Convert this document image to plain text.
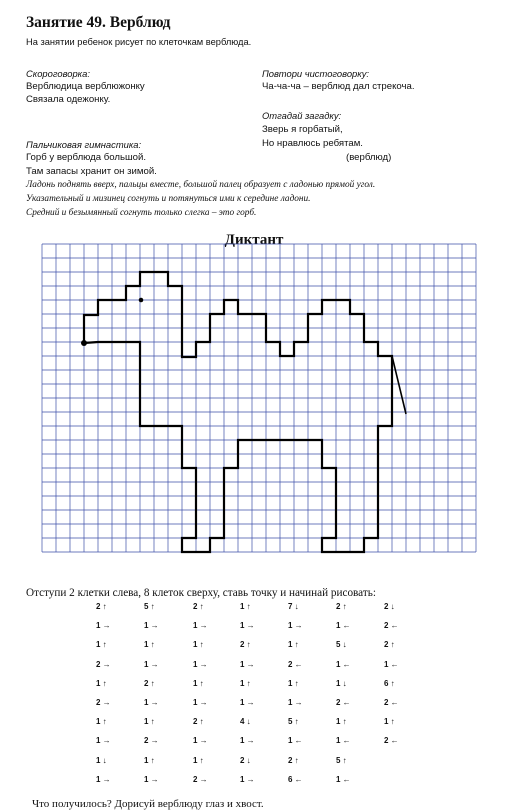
Занятие 49. Верблюд
На занятии ребенок рисует по клеточкам верблюда.
Скороговорка:
Верблюдица верблюжонку
Связала одежонку.
Повтори чистоговорку:
Ча-ча-ча – верблюд дал стрекоча.
Отгадай загадку:
Зверь я горбатый,
Но нравлюсь ребятам.
(верблюд)
Пальчиковая гимнастика:
Горб у верблюда большой.
Там запасы хранит он зимой.
Ладонь поднять вверх, пальцы вместе, большой палец образует с ладонью прямой угол.
Указательный и мизинец согнуть и потянуться ими к середине ладони.
Средний и безымянный согнуть только слегка – это горб.
Диктант
Отступи 2 клетки слева, 8 клеток сверху, ставь точку и начинай рисовать:
2 ↑	5 ↑	2 ↑	1 ↑	7 ↓	2 ↑	2 ↓
1 →	1 →	1 →	1 →	1 →	1 ←	2 ←
1 ↑	1 ↑	1 ↑	2 ↑	1 ↑	5 ↓	2 ↑
2 →	1 →	1 →	1 →	2 ←	1 ←	1 ←
1 ↑	2 ↑	1 ↑	1 ↑	1 ↑	1 ↓	6 ↑
2 →	1 →	1 →	1 →	1 →	2 ←	2 ←
1 ↑	1 ↑	2 ↑	4 ↓	5 ↑	1 ↑	1 ↑
1 →	2 →	1 →	1 →	1 ←	1 ←	2 ←
1 ↓	1 ↑	1 ↑	2 ↓	2 ↑	5 ↑
1 →	1 →	2 →	1 →	6 ←	1 ←
Что получилось? Дорисуй верблюду глаз и хвост.
